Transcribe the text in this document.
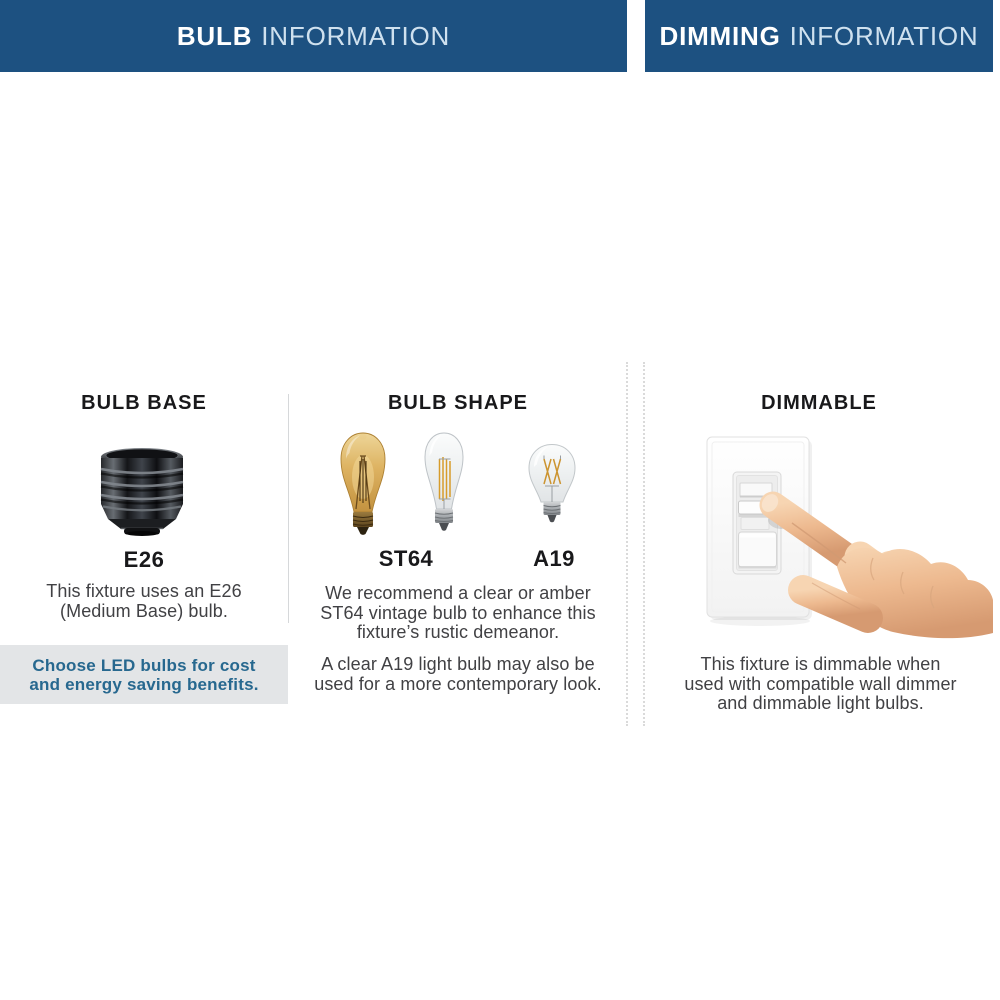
BULB INFORMATION	DIMMING INFORMATION
BULB BASE
E26
This fixture uses an E26
(Medium Base) bulb.
Choose LED bulbs for cost
and energy saving benefits.
BULB SHAPE
ST64	A19
We recommend a clear or amber
ST64 vintage bulb to enhance this
fixture’s rustic demeanor.
A clear A19 light bulb may also be
used for a more contemporary look.
DIMMABLE
This fixture is dimmable when
used with compatible wall dimmer
and dimmable light bulbs.
